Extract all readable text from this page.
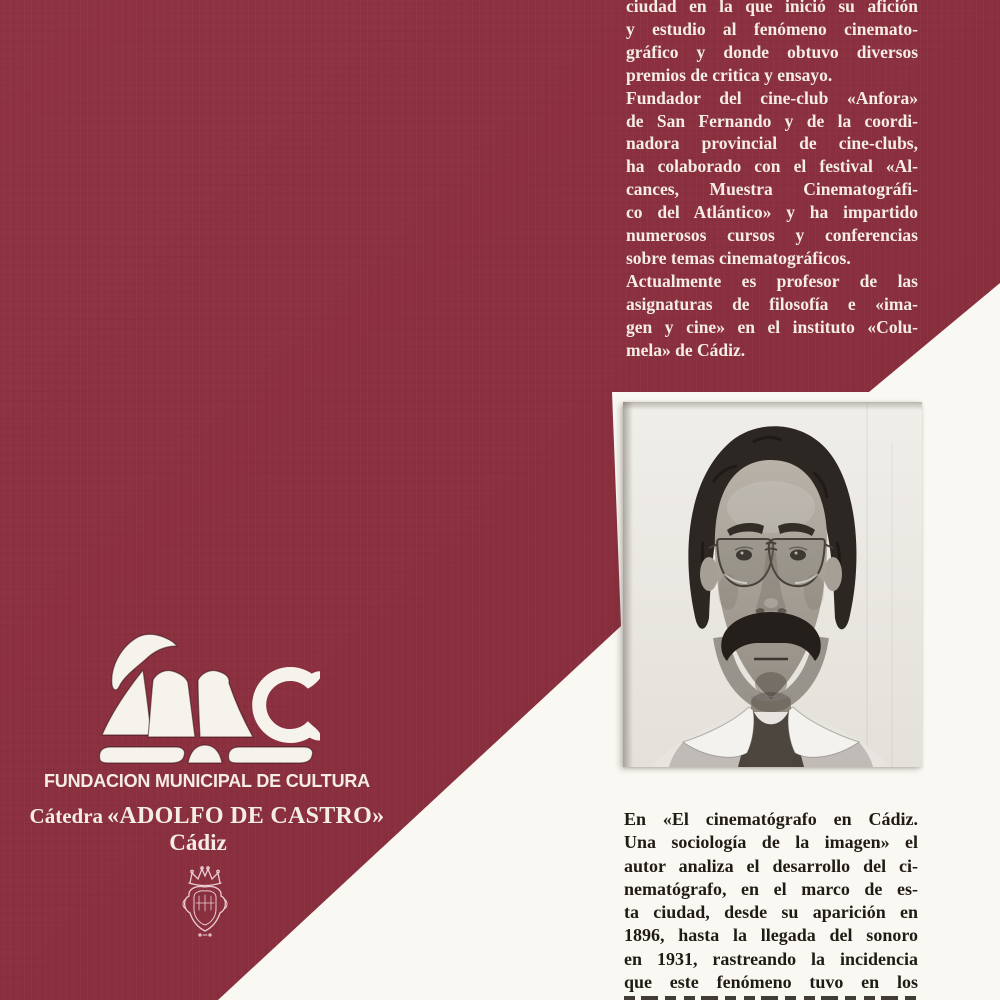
ciudad en la que inició su afición
y estudio al fenómeno cinemato-
gráfico y donde obtuvo diversos
premios de critica y ensayo.
Fundador del cine-club «Anfora»
de San Fernando y de la coordi-
nadora provincial de cine-clubs,
ha colaborado con el festival «Al-
cances, Muestra Cinematográfi-
co del Atlántico» y ha impartido
numerosos cursos y conferencias
sobre temas cinematográficos.
Actualmente es profesor de las
asignaturas de filosofía e «ima-
gen y cine» en el instituto «Colu-
mela» de Cádiz.
FUNDACION MUNICIPAL DE CULTURA
Cátedra «ADOLFO DE CASTRO»
Cádiz
En «El cinematógrafo en Cádiz.
Una sociología de la imagen» el
autor analiza el desarrollo del ci-
nematógrafo, en el marco de es-
ta ciudad, desde su aparición en
1896, hasta la llegada del sonoro
en 1931, rastreando la incidencia
que este fenómeno tuvo en los
